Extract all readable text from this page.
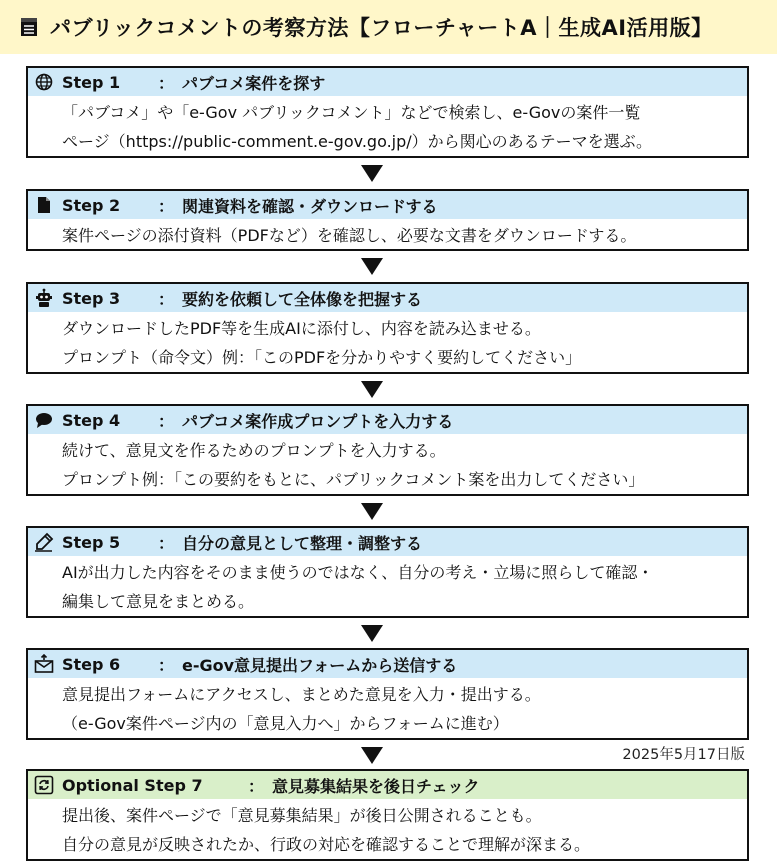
パブリックコメントの考察方法【フローチャートA｜生成AI活用版】
Step 1	： パブコメ案件を探す
「パブコメ」や「e-Gov パブリックコメント」などで検索し、e-Govの案件一覧
ページ（https://public-comment.e-gov.go.jp/）から関心のあるテーマを選ぶ。
Step 2	： 関連資料を確認・ダウンロードする
案件ページの添付資料（PDFなど）を確認し、必要な文書をダウンロードする。
Step 3	： 要約を依頼して全体像を把握する
ダウンロードしたPDF等を生成AIに添付し、内容を読み込ませる。
プロンプト（命令文）例：「このPDFを分かりやすく要約してください」
Step 4	： パブコメ案作成プロンプトを入力する
続けて、意見文を作るためのプロンプトを入力する。
プロンプト例：「この要約をもとに、パブリックコメント案を出力してください」
Step 5	： 自分の意見として整理・調整する
AIが出力した内容をそのまま使うのではなく、自分の考え・立場に照らして確認・
編集して意見をまとめる。
Step 6	： e-Gov意見提出フォームから送信する
意見提出フォームにアクセスし、まとめた意見を入力・提出する。
（e-Gov案件ページ内の「意見入力へ」からフォームに進む）
2025年5月17日版
Optional Step 7	： 意見募集結果を後日チェック
提出後、案件ページで「意見募集結果」が後日公開されることも。
自分の意見が反映されたか、行政の対応を確認することで理解が深まる。
